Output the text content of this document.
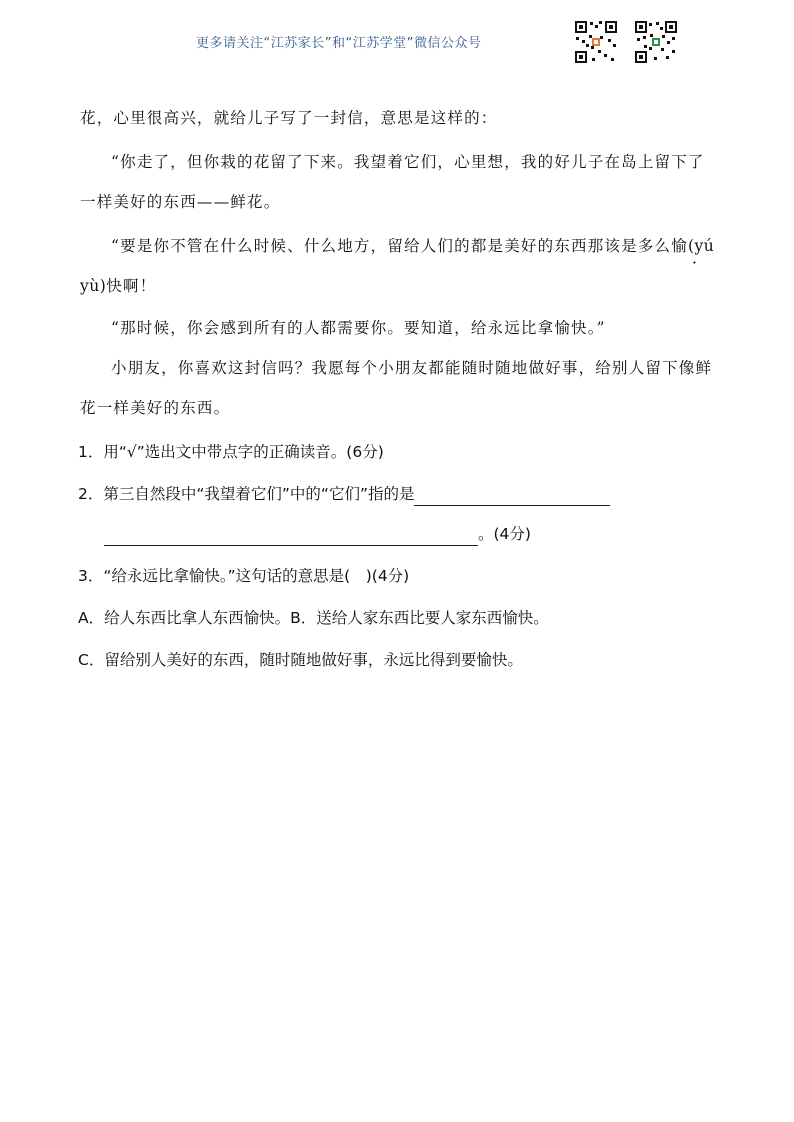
更多请关注“江苏家长”和“江苏学堂”微信公众号

花，心里很高兴，就给儿子写了一封信，意思是这样的：

“你走了，但你栽的花留了下来。我望着它们，心里想，我的好儿子在岛上留下了一样美好的东西——鲜花。

“要是你不管在什么时候、什么地方，留给人们的都是美好的东西那该是多么愉(yú　yù)快啊！

“那时候，你会感到所有的人都需要你。要知道，给永远比拿愉快。”

小朋友，你喜欢这封信吗？我愿每个小朋友都能随时随地做好事，给别人留下像鲜花一样美好的东西。

1．用“√”选出文中带点字的正确读音。(6分)

2．第三自然段中“我望着它们”中的“它们”指的是

。(4分)

3．“给永远比拿愉快。”这句话的意思是(　)(4分)

A．给人东西比拿人东西愉快。B．送给人家东西比要人家东西愉快。

C．留给别人美好的东西，随时随地做好事，永远比得到要愉快。
